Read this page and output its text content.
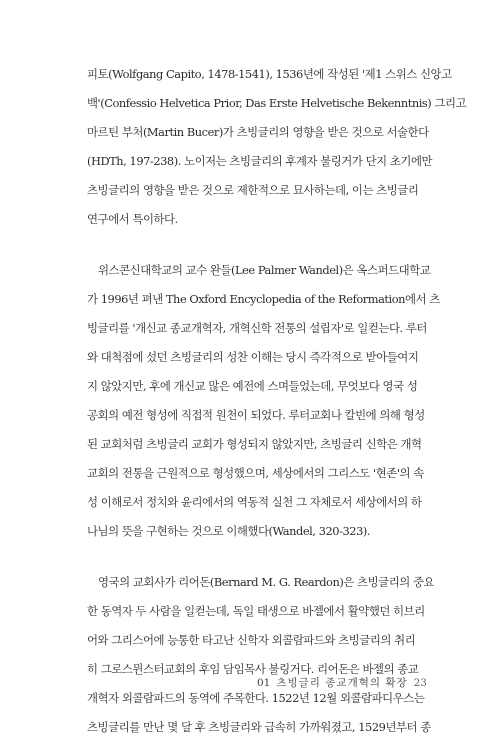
피토(Wolfgang Capito, 1478-1541), 1536년에 작성된 '제1 스위스 신앙고
백'(Confessio Helvetica Prior, Das Erste Helvetische Bekenntnis) 그리고
마르틴 부처(Martin Bucer)가 츠빙글리의 영향을 받은 것으로 서술한다
(HDTh, 197-238). 노이저는 츠빙글리의 후계자 불링거가 단지 초기에만
츠빙글리의 영향을 받은 것으로 제한적으로 묘사하는데, 이는 츠빙글리
연구에서 특이하다.
위스콘신대학교의 교수 완들(Lee Palmer Wandel)은 옥스퍼드대학교
가 1996년 펴낸 The Oxford Encyclopedia of the Reformation에서 츠
빙글리를 '개신교 종교개혁자, 개혁신학 전통의 설립자'로 일컫는다. 루터
와 대척점에 섰던 츠빙글리의 성찬 이해는 당시 즉각적으로 받아들여지
지 않았지만, 후에 개신교 많은 예전에 스며들었는데, 무엇보다 영국 성
공회의 예전 형성에 직접적 원천이 되었다. 루터교회나 칼빈에 의해 형성
된 교회처럼 츠빙글리 교회가 형성되지 않았지만, 츠빙글리 신학은 개혁
교회의 전통을 근원적으로 형성했으며, 세상에서의 그리스도 '현존'의 속
성 이해로서 정치와 윤리에서의 역동적 실천 그 자체로서 세상에서의 하
나님의 뜻을 구현하는 것으로 이해했다(Wandel, 320-323).
영국의 교회사가 리어돈(Bernard M. G. Reardon)은 츠빙글리의 중요
한 동역자 두 사람을 일컫는데, 독일 태생으로 바젤에서 활약했던 히브리
어와 그리스어에 능통한 타고난 신학자 외콜람파드와 츠빙글리의 취리
히 그로스뮌스터교회의 후임 담임목사 불링거다. 리어돈은 바젤의 종교
개혁자 외콜람파드의 동역에 주목한다. 1522년 12월 외콜람파디우스는
츠빙글리를 만난 몇 달 후 츠빙글리와 급속히 가까워졌고, 1529년부터 종
01 츠빙글리 종교개혁의 확장 23
